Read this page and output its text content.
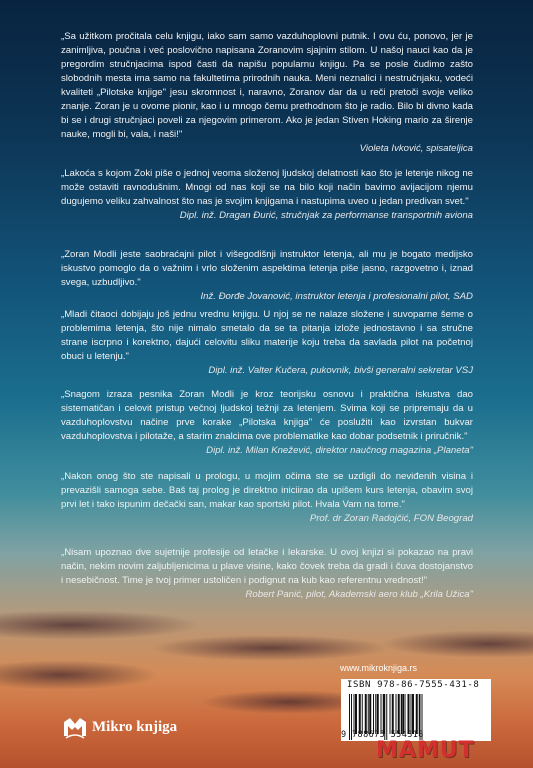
„Sa užitkom pročitala celu knjigu, iako sam samo vazduhoplovni putnik. I ovu ću, ponovo, jer je zanimljiva, poučna i već poslovično napisana Zoranovim sjajnim stilom. U našoj nauci kao da je pregordim stručnjacima ispod časti da napišu popularnu knjigu. Pa se posle čudimo zašto slobodnih mesta ima samo na fakultetima prirodnih nauka. Meni neznalici i nestručnjaku, vodeći kvaliteti „Pilotske knjige" jesu skromnost i, naravno, Zoranov dar da u reči pretoči svoje veliko znanje. Zoran je u ovome pionir, kao i u mnogo čemu prethodnom što je radio. Bilo bi divno kada bi se i drugi stručnjaci poveli za njegovim primerom. Ako je jedan Stiven Hoking mario za širenje nauke, mogli bi, vala, i naši!"

Violeta Ivković, spisateljica

„Lakoća s kojom Zoki piše o jednoj veoma složenoj ljudskoj delatnosti kao što je letenje nikog ne može ostaviti ravnodušnim. Mnogi od nas koji se na bilo koji način bavimo avijacijom njemu dugujemo veliku zahvalnost što nas je svojim knjigama i nastupima uveo u jedan predivan svet."

Dipl. inž. Dragan Đurić, stručnjak za performanse transportnih aviona

„Zoran Modli jeste saobraćajni pilot i višegodišnji instruktor letenja, ali mu je bogato medijsko iskustvo pomoglo da o važnim i vrlo složenim aspektima letenja piše jasno, razgovetno i, iznad svega, uzbudljivo."

Inž. Đorđe Jovanović, instruktor letenja i profesionalni pilot, SAD

„Mladi čitaoci dobijaju još jednu vrednu knjigu. U njoj se ne nalaze složene i suvoparne šeme o problemima letenja, što nije nimalo smetalo da se ta pitanja izlože jednostavno i sa stručne strane iscrpno i korektno, dajući celovitu sliku materije koju treba da savlada pilot na početnoj obuci u letenju."

Dipl. inž. Valter Kučera, pukovnik, bivši generalni sekretar VSJ

„Snagom izraza pesnika Zoran Modli je kroz teorijsku osnovu i praktična iskustva dao sistematičan i celovit pristup večnoj ljudskoj težnji za letenjem. Svima koji se pripremaju da u vazduhoplovstvu načine prve korake „Pilotska knjiga" će poslužiti kao izvrstan bukvar vazduhoplovstva i pilotaže, a starim znalcima ove problematike kao dobar podsetnik i priručnik."

Dipl. inž. Milan Knežević, direktor naučnog magazina „Planeta"

„Nakon onog što ste napisali u prologu, u mojim očima ste se uzdigli do neviđenih visina i prevazišli samoga sebe. Baš taj prolog je direktno iniciirao da upišem kurs letenja, obavim svoj prvi let i tako ispunim dečački san, makar kao sportski pilot. Hvala Vam na tome."

Prof. dr Zoran Radojčić, FON Beograd

„Nisam upoznao dve sujetnije profesije od letačke i lekarske. U ovoj knjizi si pokazao na pravi način, nekim novim zaljubljenicima u plave visine, kako čovek treba da gradi i čuva dostojanstvo i nesebičnost. Time je tvoj primer ustoličen i podignut na kub kao referentnu vrednost!"

Robert Panić, pilot, Akademski aero klub „Krila Užica"
www.mikroknjiga.rs
ISBN 978-86-7555-431-8
9 788675 554318
Mikro knjiga
MAMUT
